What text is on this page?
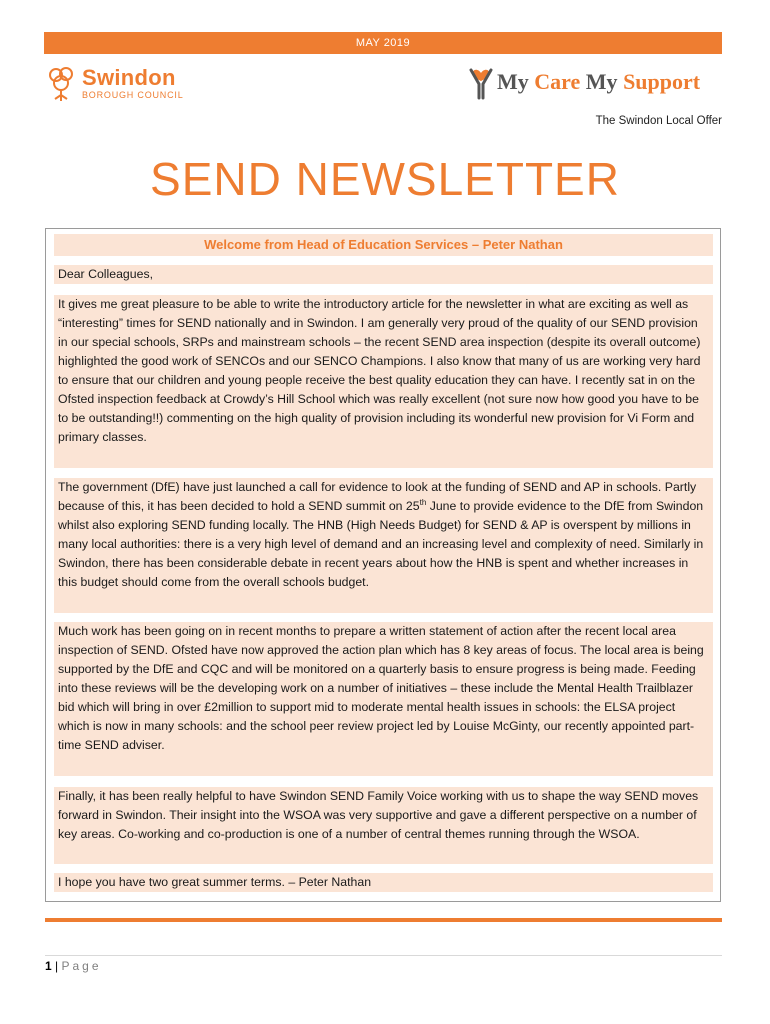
MAY 2019
Swindon
BOROUGH COUNCIL
My Care My Support
The Swindon Local Offer
SEND NEWSLETTER
Welcome from Head of Education Services – Peter Nathan
Dear Colleagues,
It gives me great pleasure to be able to write the introductory article for the newsletter in what are exciting as well as “interesting” times for SEND nationally and in Swindon. I am generally very proud of the quality of our SEND provision in our special schools, SRPs and mainstream schools – the recent SEND area inspection (despite its overall outcome) highlighted the good work of SENCOs and our SENCO Champions. I also know that many of us are working very hard to ensure that our children and young people receive the best quality education they can have. I recently sat in on the Ofsted inspection feedback at Crowdy’s Hill School which was really excellent (not sure now how good you have to be to be outstanding!!) commenting on the high quality of provision including its wonderful new provision for Vi Form and primary classes.
The government (DfE) have just launched a call for evidence to look at the funding of SEND and AP in schools. Partly because of this, it has been decided to hold a SEND summit on 25th June to provide evidence to the DfE from Swindon whilst also exploring SEND funding locally. The HNB (High Needs Budget) for SEND & AP is overspent by millions in many local authorities: there is a very high level of demand and an increasing level and complexity of need. Similarly in Swindon, there has been considerable debate in recent years about how the HNB is spent and whether increases in this budget should come from the overall schools budget.
Much work has been going on in recent months to prepare a written statement of action after the recent local area inspection of SEND. Ofsted have now approved the action plan which has 8 key areas of focus. The local area is being supported by the DfE and CQC and will be monitored on a quarterly basis to ensure progress is being made. Feeding into these reviews will be the developing work on a number of initiatives – these include the Mental Health Trailblazer bid which will bring in over £2million to support mid to moderate mental health issues in schools: the ELSA project which is now in many schools: and the school peer review project led by Louise McGinty, our recently appointed part-time SEND adviser.
Finally, it has been really helpful to have Swindon SEND Family Voice working with us to shape the way SEND moves forward in Swindon. Their insight into the WSOA was very supportive and gave a different perspective on a number of key areas. Co-working and co-production is one of a number of central themes running through the WSOA.
I hope you have two great summer terms. – Peter Nathan
1 | Page
